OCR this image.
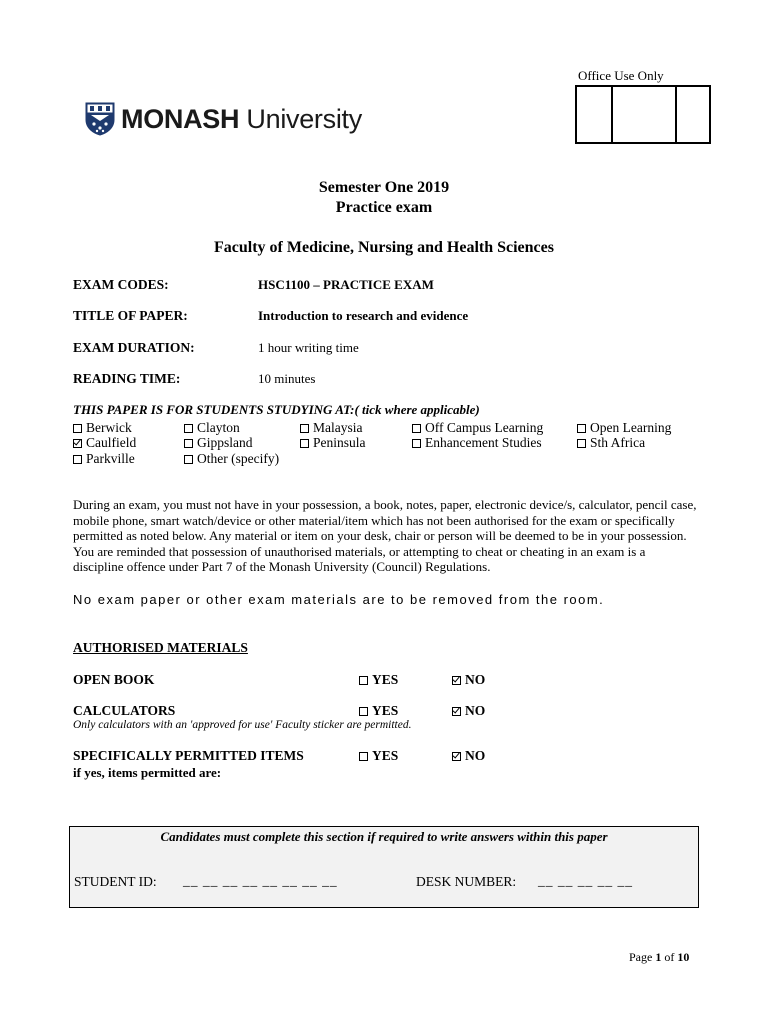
Office Use Only
MONASH University
Semester One 2019
Practice exam
Faculty of Medicine, Nursing and Health Sciences
EXAM CODES:	HSC1100 – PRACTICE EXAM
TITLE OF PAPER:	Introduction to research and evidence
EXAM DURATION:	1 hour writing time
READING TIME:	10 minutes
THIS PAPER IS FOR STUDENTS STUDYING AT:( tick where applicable)
Berwick	Clayton	Malaysia	Off Campus Learning	Open Learning
Caulfield	Gippsland	Peninsula	Enhancement Studies	Sth Africa
Parkville	Other (specify)
During an exam, you must not have in your possession, a book, notes, paper, electronic device/s, calculator, pencil case, mobile phone, smart watch/device or other material/item which has not been authorised for the exam or specifically permitted as noted below. Any material or item on your desk, chair or person will be deemed to be in your possession. You are reminded that possession of unauthorised materials, or attempting to cheat or cheating in an exam is a discipline offence under Part 7 of the Monash University (Council) Regulations.
No exam paper or other exam materials are to be removed from the room.
AUTHORISED MATERIALS
OPEN BOOK	YES	NO
CALCULATORS	YES	NO
Only calculators with an 'approved for use' Faculty sticker are permitted.
SPECIFICALLY PERMITTED ITEMS	YES	NO
if yes, items permitted are:
Candidates must complete this section if required to write answers within this paper
STUDENT ID: __ __ __ __ __ __ __ __	DESK NUMBER: __ __ __ __ __
Page 1 of 10
